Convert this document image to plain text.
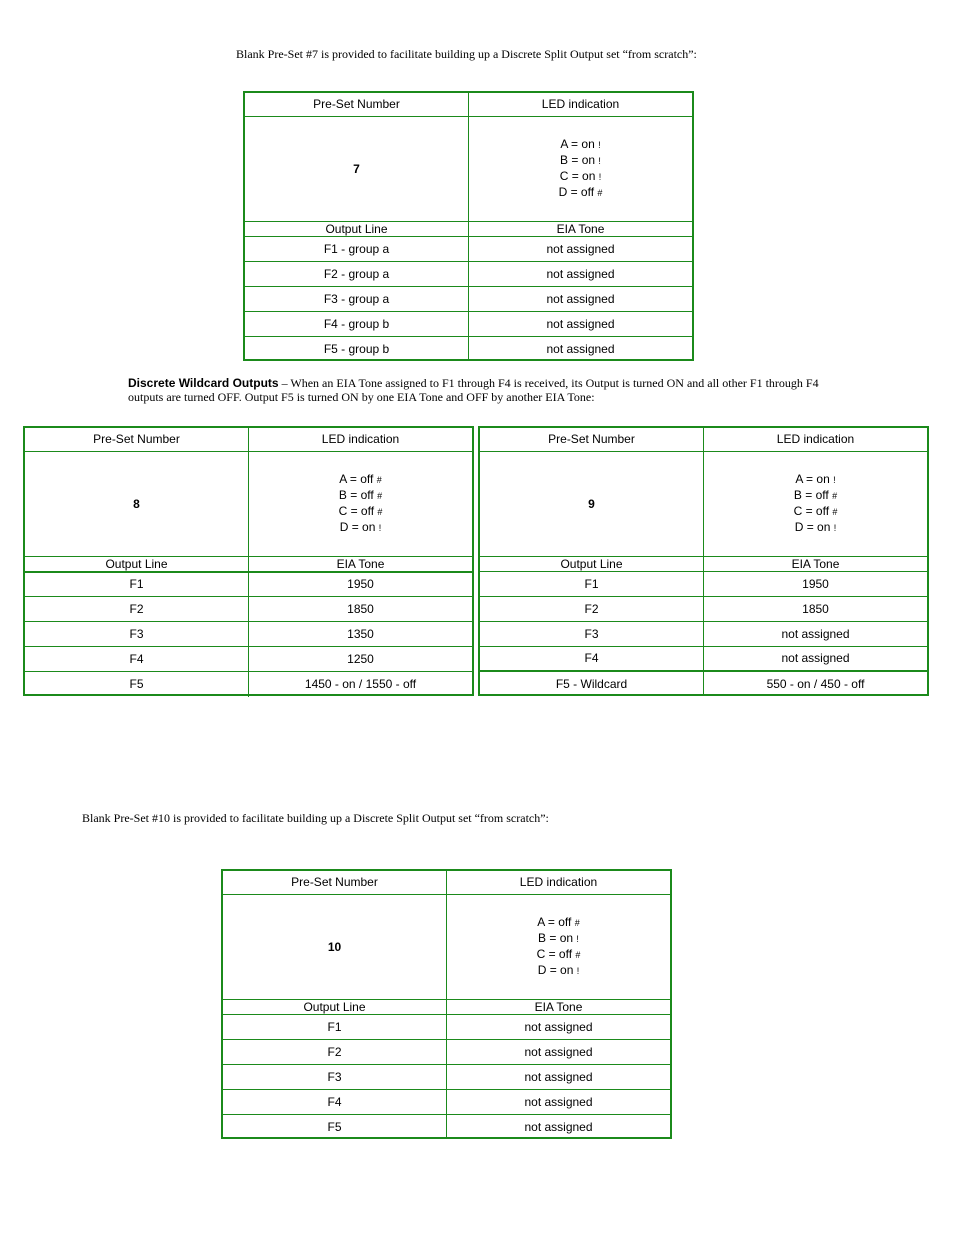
Blank Pre-Set #7 is provided to facilitate building up a Discrete Split Output set “from scratch”:
Pre-Set Number	LED indication
7	A = on !
B = on !
C = on !
D = off #

Output Line	EIA Tone
F1 - group a	not assigned
F2 - group a	not assigned
F3 - group a	not assigned
F4 - group b	not assigned
F5 - group b	not assigned
Discrete Wildcard Outputs – When an EIA Tone assigned to F1 through F4 is received, its Output is turned ON and all other F1 through F4
outputs are turned OFF. Output F5 is turned ON by one EIA Tone and OFF by another EIA Tone:
Pre-Set Number	LED indication
8	A = off #
B = off #
C = off #
D = on !

Output Line	EIA Tone
F1	1950
F2	1850
F3	1350
F4	1250
F5	1450 - on / 1550 - off
Pre-Set Number	LED indication
9	A = on !
B = off #
C = off #
D = on !

Output Line	EIA Tone
F1	1950
F2	1850
F3	not assigned
F4	not assigned
F5 - Wildcard	550 - on / 450 - off
Blank Pre-Set #10 is provided to facilitate building up a Discrete Split Output set “from scratch”:
Pre-Set Number	LED indication
10	A = off #
B = on !
C = off #
D = on !

Output Line	EIA Tone
F1	not assigned
F2	not assigned
F3	not assigned
F4	not assigned
F5	not assigned
